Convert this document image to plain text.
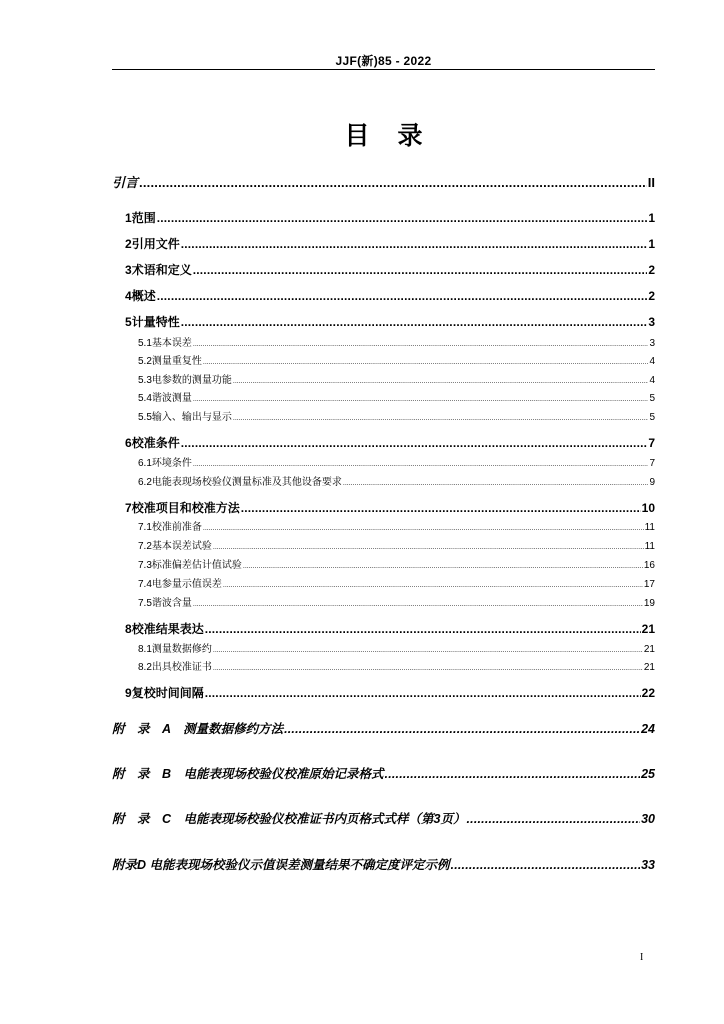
JJF(新)85 - 2022
目录
引言 .....	II
1 范围 .....	1
2 引用文件 .....	1
3 术语和定义 .....	2
4 概述 .....	2
5 计量特性 .....	3
5.1 基本误差 .....	3
5.2 测量重复性 .....	4
5.3 电参数的测量功能 .....	4
5.4 谐波测量 .....	5
5.5 输入、输出与显示 .....	5
6 校准条件 .....	7
6.1 环境条件 .....	7
6.2 电能表现场校验仪测量标准及其他设备要求 .....	9
7 校准项目和校准方法 .....	10
7.1 校准前准备 .....	11
7.2 基本误差试验 .....	11
7.3 标准偏差估计值试验 .....	16
7.4 电参量示值误差 .....	17
7.5 谐波含量 .....	19
8 校准结果表达 .....	21
8.1 测量数据修约 .....	21
8.2 出具校准证书 .....	21
9 复校时间间隔 .....	22
附　录　A　测量数据修约方法 .....	24
附　录　B　电能表现场校验仪校准原始记录格式 .....	25
附　录　C　电能表现场校验仪校准证书内页格式式样（第3页） .....	30
附录D 电能表现场校验仪示值误差测量结果不确定度评定示例 .....	33
I
